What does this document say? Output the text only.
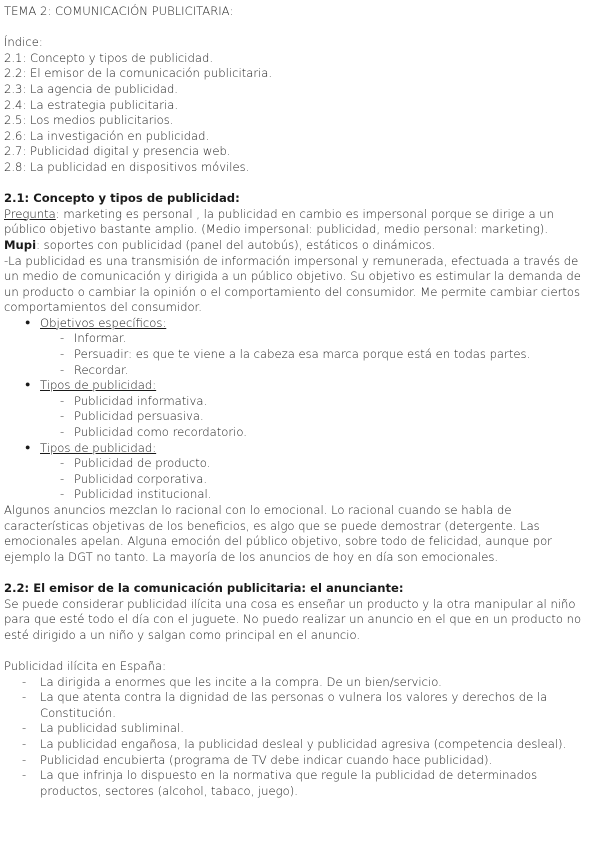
TEMA 2: COMUNICACIÓN PUBLICITARIA:

Índice:

2.1: Concepto y tipos de publicidad.

2.2: El emisor de la comunicación publicitaria.

2.3: La agencia de publicidad.

2.4: La estrategia publicitaria.

2.5: Los medios publicitarios.

2.6: La investigación en publicidad.

2.7: Publicidad digital y presencia web.

2.8: La publicidad en dispositivos móviles.

2.1: Concepto y tipos de publicidad:

Pregunta: marketing es personal , la publicidad en cambio es impersonal porque se dirige a un público objetivo bastante amplio. (Medio impersonal: publicidad, medio personal: marketing).

Mupi: soportes con publicidad (panel del autobús), estáticos o dinámicos.

-La publicidad es una transmisión de información impersonal y remunerada, efectuada a través de un medio de comunicación y dirigida a un público objetivo. Su objetivo es estimular la demanda de un producto o cambiar la opinión o el comportamiento del consumidor. Me permite cambiar ciertos comportamientos del consumidor.

● Objetivos específicos:
- Informar.
- Persuadir: es que te viene a la cabeza esa marca porque está en todas partes.
- Recordar.
● Tipos de publicidad:
- Publicidad informativa.
- Publicidad persuasiva.
- Publicidad como recordatorio.
● Tipos de publicidad:
- Publicidad de producto.
- Publicidad corporativa.
- Publicidad institucional.

Algunos anuncios mezclan lo racional con lo emocional. Lo racional cuando se habla de características objetivas de los beneficios, es algo que se puede demostrar (detergente. Las emocionales apelan. Alguna emoción del público objetivo, sobre todo de felicidad, aunque por ejemplo la DGT no tanto. La mayoría de los anuncios de hoy en día son emocionales.

2.2: El emisor de la comunicación publicitaria: el anunciante:

Se puede considerar publicidad ilícita una cosa es enseñar un producto y la otra manipular al niño para que esté todo el día con el juguete. No puedo realizar un anuncio en el que en un producto no esté dirigido a un niño y salgan como principal en el anuncio.

Publicidad ilícita en España:

- La dirigida a enormes que les incite a la compra. De un bien/servicio.
- La que atenta contra la dignidad de las personas o vulnera los valores y derechos de la Constitución.
- La publicidad subliminal.
- La publicidad engañosa, la publicidad desleal y publicidad agresiva (competencia desleal).
- Publicidad encubierta (programa de TV debe indicar cuando hace publicidad).
- La que infrinja lo dispuesto en la normativa que regule la publicidad de determinados productos, sectores (alcohol, tabaco, juego).
